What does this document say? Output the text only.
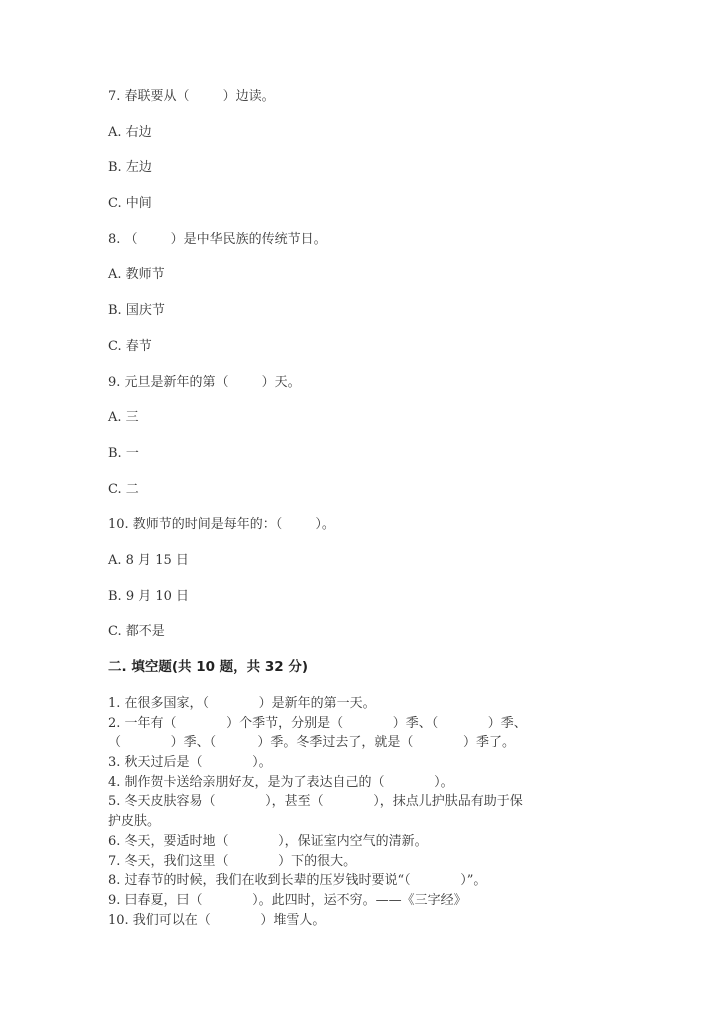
7. 春联要从（        ）边读。
A. 右边
B. 左边
C. 中间
8. （        ）是中华民族的传统节日。
A. 教师节
B. 国庆节
C. 春节
9. 元旦是新年的第（        ）天。
A. 三
B. 一
C. 二
10. 教师节的时间是每年的：（        ）。
A. 8 月 15 日
B. 9 月 10 日
C. 都不是
二. 填空题(共 10 题，共 32 分)
1. 在很多国家，（            ）是新年的第一天。
2. 一年有（            ）个季节，分别是（            ）季、（            ）季、
（            ）季、（          ）季。冬季过去了，就是（            ）季了。
3. 秋天过后是（            ）。
4. 制作贺卡送给亲朋好友，是为了表达自己的（            ）。
5. 冬天皮肤容易（            ），甚至（            ），抹点儿护肤品有助于保
护皮肤。
6. 冬天，要适时地（            ），保证室内空气的清新。
7. 冬天，我们这里（            ）下的很大。
8. 过春节的时候，我们在收到长辈的压岁钱时要说“（            ）”。
9. 曰春夏，曰（            ）。此四时，运不穷。——《三字经》
10. 我们可以在（            ）堆雪人。
